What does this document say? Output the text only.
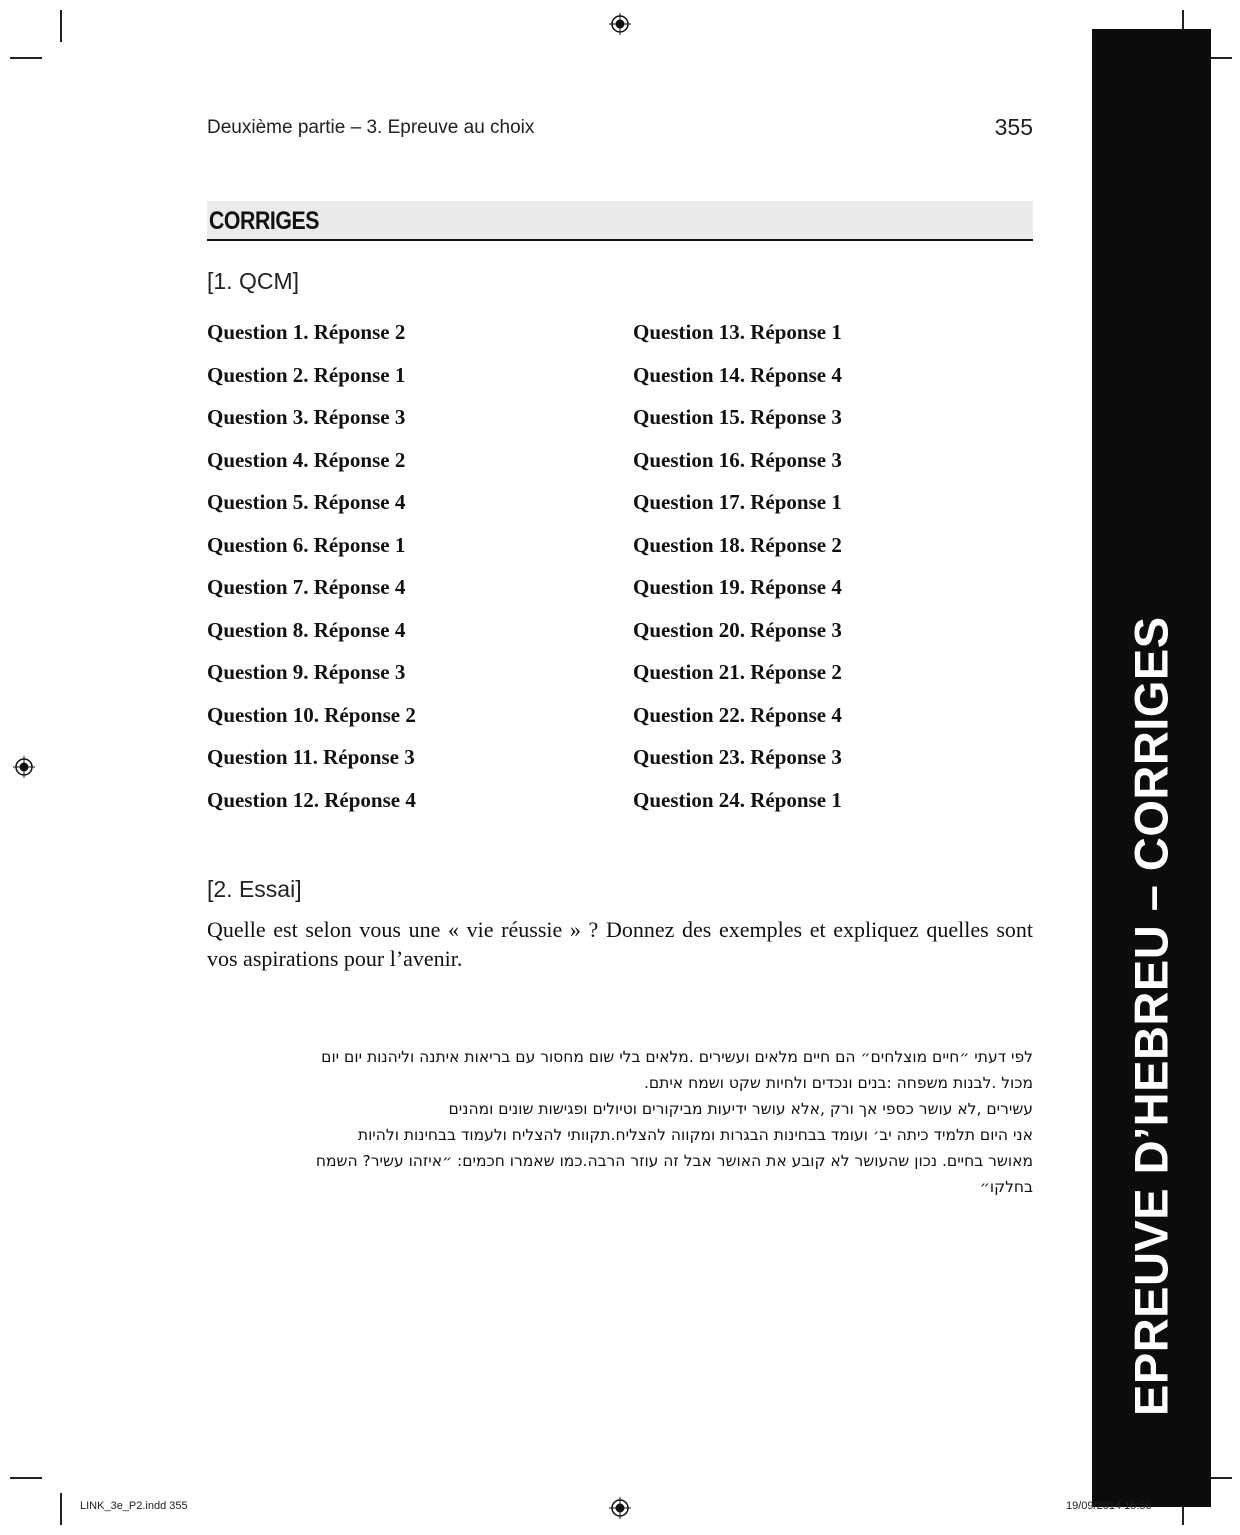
Deuxième partie – 3. Epreuve au choix	355
CORRIGES
[1. QCM]
Question 1. Réponse 2
Question 2. Réponse 1
Question 3. Réponse 3
Question 4. Réponse 2
Question 5. Réponse 4
Question 6. Réponse 1
Question 7. Réponse 4
Question 8. Réponse 4
Question 9. Réponse 3
Question 10. Réponse 2
Question 11. Réponse 3
Question 12. Réponse 4
Question 13. Réponse 1
Question 14. Réponse 4
Question 15. Réponse 3
Question 16. Réponse 3
Question 17. Réponse 1
Question 18. Réponse 2
Question 19. Réponse 4
Question 20. Réponse 3
Question 21. Réponse 2
Question 22. Réponse 4
Question 23. Réponse 3
Question 24. Réponse 1
[2. Essai]

Quelle est selon vous une « vie réussie » ? Donnez des exemples et expliquez quelles sont vos aspirations pour l’avenir.

לפי דעתי ״חיים מוצלחים״ הם חיים מלאים ועשירים .מלאים בלי שום מחסור עם בריאות איתנה וליהנות יום יום
מכול .לבנות משפחה :בנים ונכדים ולחיות שקט ושמח איתם.
עשירים ,לא עושר כספי אך ורק ,אלא עושר ידיעות מביקורים וטיולים ופגישות שונים ומהנים
אני היום תלמיד כיתה יב׳ ועומד בבחינות הבגרות ומקווה להצליח.תקוותי להצליח ולעמוד בבחינות ולהיות
מאושר בחיים. נכון שהעושר לא קובע את האושר אבל זה עוזר הרבה.כמו שאמרו חכמים: ״איזהו עשיר? השמח
בחלקו״ EPREUVE D’HEBREU – CORRIGES
LINK_3e_P2.indd 355	19/09/2014 15:56
